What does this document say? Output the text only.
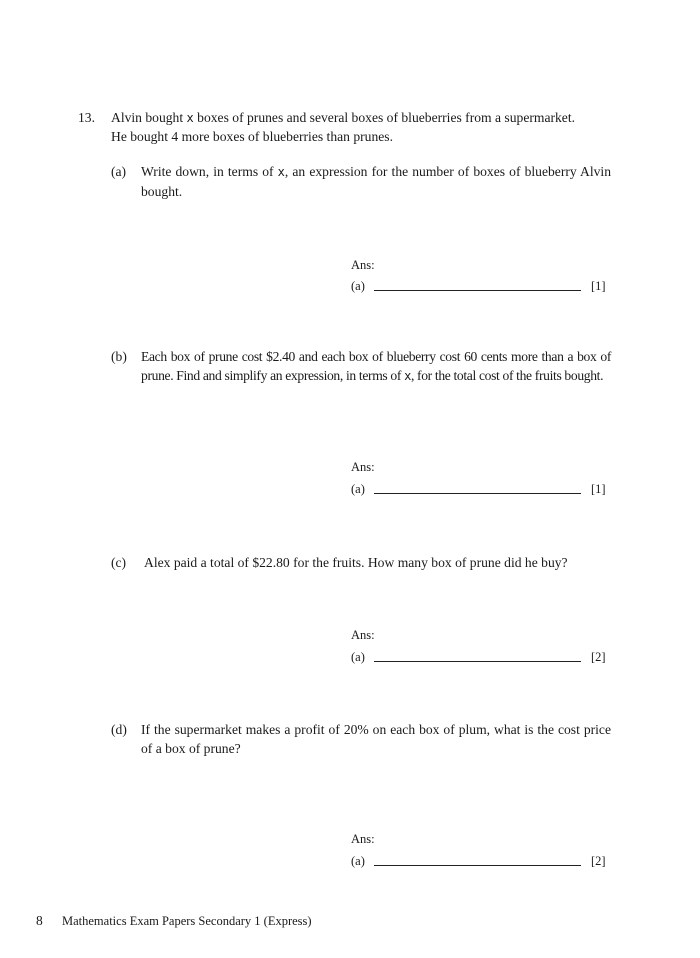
13. Alvin bought x boxes of prunes and several boxes of blueberries from a supermarket.
He bought 4 more boxes of blueberries than prunes.
(a) Write down, in terms of x, an expression for the number of boxes of blueberry Alvin bought.
Ans:
(a)	[1]
(b) Each box of prune cost $2.40 and each box of blueberry cost 60 cents more than a box of prune. Find and simplify an expression, in terms of x, for the total cost of the fruits bought.
Ans:
(a)	[1]
(c) Alex paid a total of $22.80 for the fruits. How many box of prune did he buy?
Ans:
(a)	[2]
(d) If the supermarket makes a profit of 20% on each box of plum, what is the cost price of a box of prune?
Ans:
(a)	[2]
8 Mathematics Exam Papers Secondary 1 (Express)
